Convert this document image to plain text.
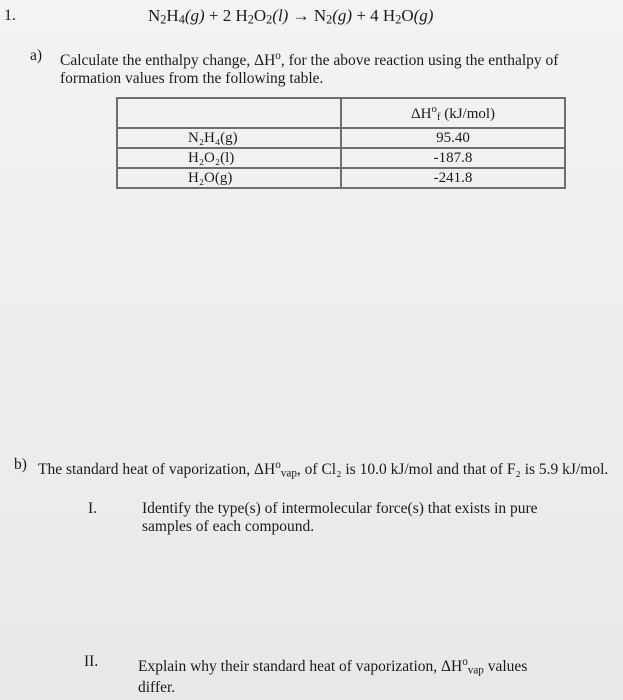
1.	$N_2H_4(g) + 2$ $H_2O_2(l) \to N_2(g) + 4$ $H_2O(g)$
a) Calculate the enthalpy change, $\Delta H^o$, for the above reaction using the enthalpy of formation values from the following table.
	$\Delta H^o_f$ (kJ/mol)

N₂H₄(g)	95.40

H₂O₂(l)	-187.8

H₂O(g)	-241.8
b) The standard heat of vaporization, $\Delta H^o_{vap}$, of Cl₂ is 10.0 kJ/mol and that of F₂ is 5.9 kJ/mol.
I.	Identify the type(s) of intermolecular force(s) that exists in pure samples of each compound.
II.	Explain why their standard heat of vaporization, $\Delta H^o_{vap}$ values differ.
